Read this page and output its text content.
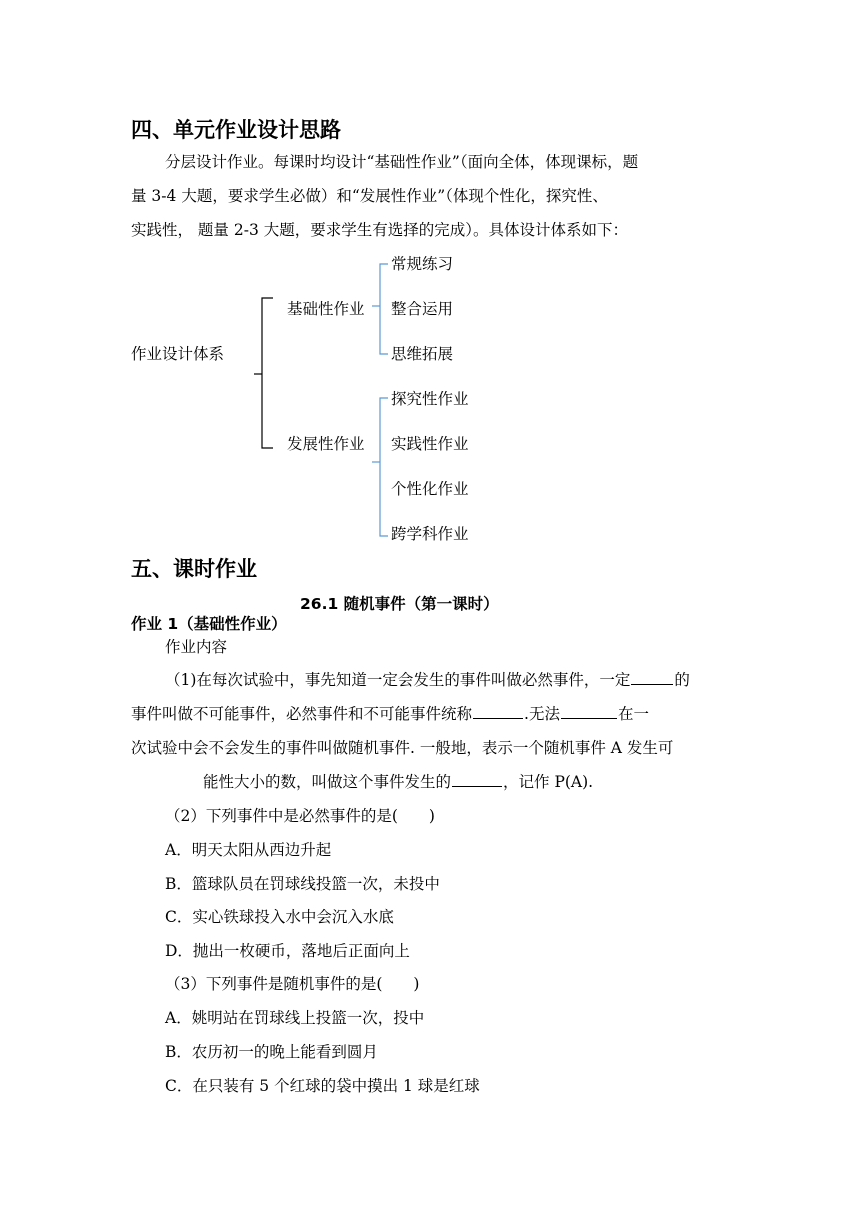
四、单元作业设计思路
分层设计作业。每课时均设计“基础性作业”（面向全体，体现课标，题
量 3-4 大题，要求学生必做）和“发展性作业”（体现个性化，探究性、
实践性， 题量 2-3 大题，要求学生有选择的完成）。具体设计体系如下：
作业设计体系
基础性作业
发展性作业
常规练习
整合运用
思维拓展
探究性作业
实践性作业
个性化作业
跨学科作业
五、课时作业
26.1 随机事件（第一课时）
作业 1（基础性作业）
作业内容
（1)在每次试验中，事先知道一定会发生的事件叫做必然事件，一定	的
事件叫做不可能事件，必然事件和不可能事件统称	.无法	在一
次试验中会不会发生的事件叫做随机事件. 一般地，表示一个随机事件 A 发生可
能性大小的数，叫做这个事件发生的	，记作 P(A).
（2）下列事件中是必然事件的是(　　)
A．明天太阳从西边升起
B．篮球队员在罚球线投篮一次，未投中
C．实心铁球投入水中会沉入水底
D．抛出一枚硬币，落地后正面向上
（3）下列事件是随机事件的是(　　)
A．姚明站在罚球线上投篮一次，投中
B．农历初一的晚上能看到圆月
C．在只装有 5 个红球的袋中摸出 1 球是红球
